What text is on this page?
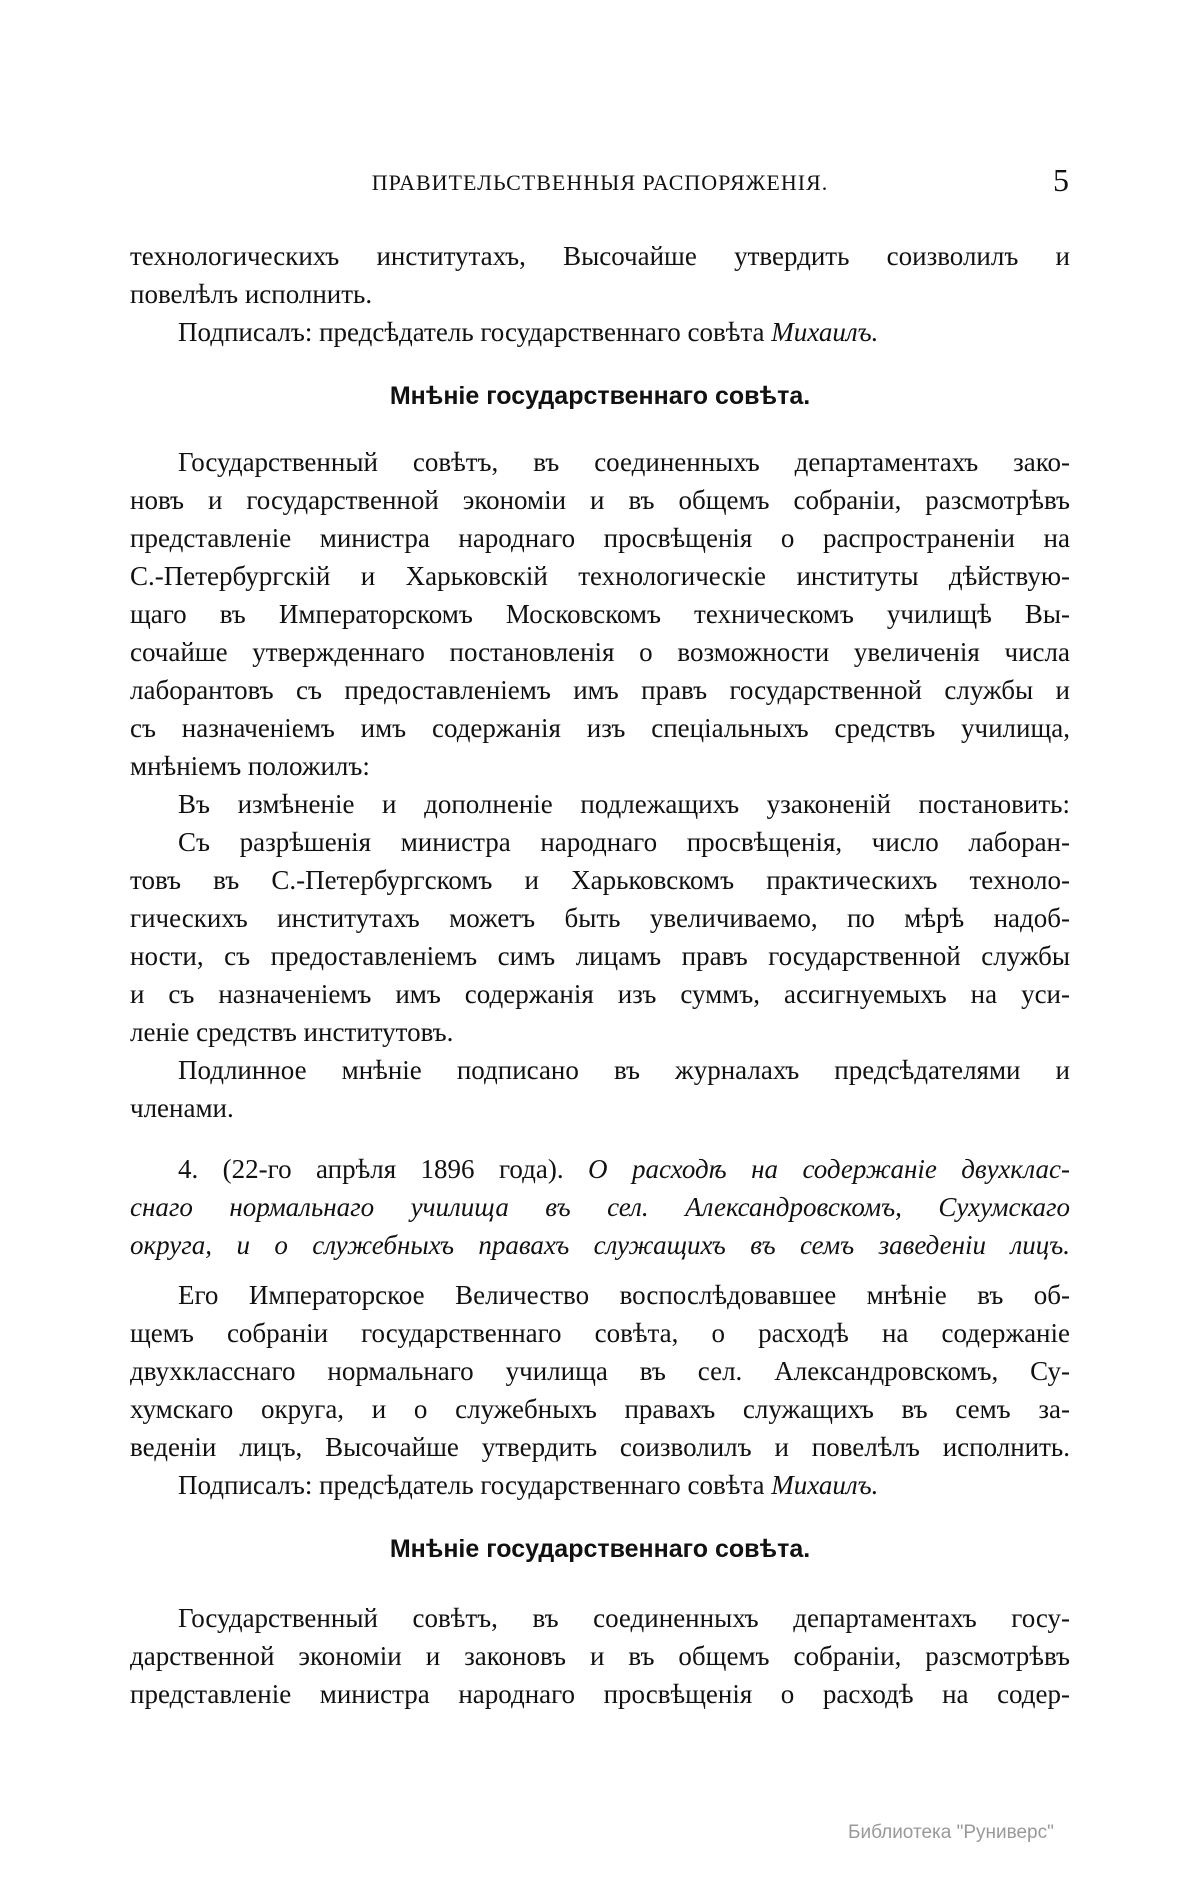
ПРАВИТЕЛЬСТВЕННЫЯ РАСПОРЯЖЕНІЯ.	5
технологическихъ институтахъ, Высочайше утвердить соизволилъ и
повелѣлъ исполнить.
Подписалъ: предсѣдатель государственнаго совѣта Михаилъ.
Мнѣніе государственнаго совѣта.
Государственный совѣтъ, въ соединенныхъ департаментахъ зако-
новъ и государственной экономіи и въ общемъ собраніи, разсмотрѣвъ
представленіе министра народнаго просвѣщенія о распространеніи на
С.-Петербургскій и Харьковскій технологическіе институты дѣйствую-
щаго въ Императорскомъ Московскомъ техническомъ училищѣ Вы-
сочайше утвержденнаго постановленія о возможности увеличенія числа
лаборантовъ съ предоставленіемъ имъ правъ государственной службы и
съ назначеніемъ имъ содержанія изъ спеціальныхъ средствъ училища,
мнѣніемъ положилъ:
Въ измѣненіе и дополненіе подлежащихъ узаконеній постановить:
Съ разрѣшенія министра народнаго просвѣщенія, число лаборан-
товъ въ С.-Петербургскомъ и Харьковскомъ практическихъ техноло-
гическихъ институтахъ можетъ быть увеличиваемо, по мѣрѣ надоб-
ности, съ предоставленіемъ симъ лицамъ правъ государственной службы
и съ назначеніемъ имъ содержанія изъ суммъ, ассигнуемыхъ на уси-
леніе средствъ институтовъ.
Подлинное мнѣніе подписано въ журналахъ предсѣдателями и
членами.
4. (22-го апрѣля 1896 года). О расходѣ на содержаніе двухклас-
снаго нормальнаго училища въ сел. Александровскомъ, Сухумскаго
округа, и о служебныхъ правахъ служащихъ въ семъ заведеніи лицъ.
Его Императорское Величество воспослѣдовавшее мнѣніе въ об-
щемъ собраніи государственнаго совѣта, о расходѣ на содержаніе
двухкласснаго нормальнаго училища въ сел. Александровскомъ, Су-
хумскаго округа, и о служебныхъ правахъ служащихъ въ семъ за-
веденіи лицъ, Высочайше утвердить соизволилъ и повелѣлъ исполнить.
Подписалъ: предсѣдатель государственнаго совѣта Михаилъ.
Мнѣніе государственнаго совѣта.
Государственный совѣтъ, въ соединенныхъ департаментахъ госу-
дарственной экономіи и законовъ и въ общемъ собраніи, разсмотрѣвъ
представленіе министра народнаго просвѣщенія о расходѣ на содер-
Библиотека "Руниверс"
